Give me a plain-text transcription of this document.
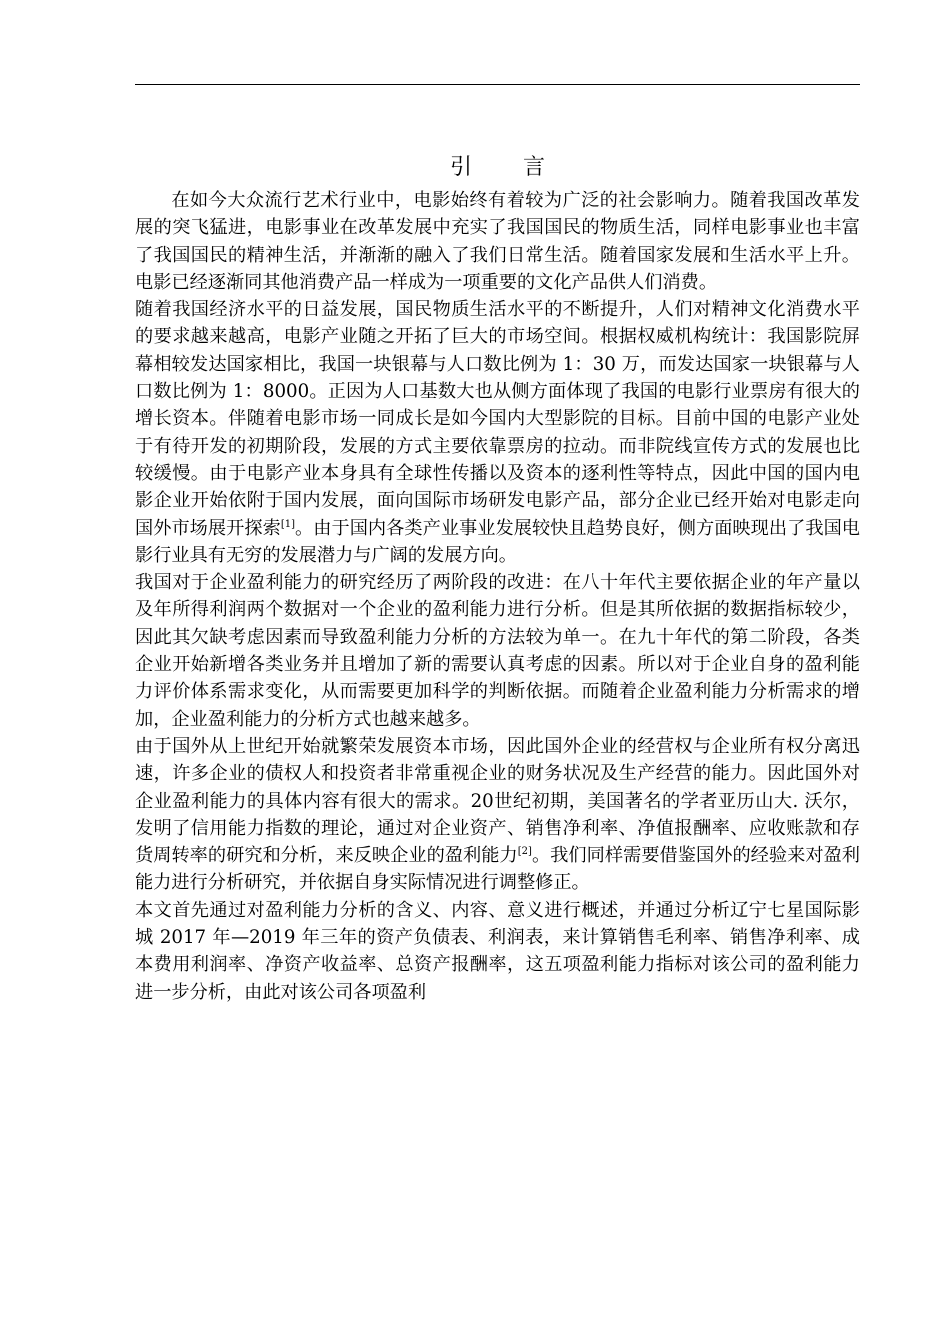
引 言

在如今大众流行艺术行业中，电影始终有着较为广泛的社会影响力。随着我国改革发展的突飞猛进，电影事业在改革发展中充实了我国国民的物质生活，同样电影事业也丰富了我国国民的精神生活，并渐渐的融入了我们日常生活。随着国家发展和生活水平上升。电影已经逐渐同其他消费产品一样成为一项重要的文化产品供人们消费。

随着我国经济水平的日益发展，国民物质生活水平的不断提升，人们对精神文化消费水平的要求越来越高，电影产业随之开拓了巨大的市场空间。根据权威机构统计：我国影院屏幕相较发达国家相比，我国一块银幕与人口数比例为 1：30 万，而发达国家一块银幕与人口数比例为 1：8000。正因为人口基数大也从侧方面体现了我国的电影行业票房有很大的增长资本。伴随着电影市场一同成长是如今国内大型影院的目标。目前中国的电影产业处于有待开发的初期阶段，发展的方式主要依靠票房的拉动。而非院线宣传方式的发展也比较缓慢。由于电影产业本身具有全球性传播以及资本的逐利性等特点，因此中国的国内电影企业开始依附于国内发展，面向国际市场研发电影产品，部分企业已经开始对电影走向国外市场展开探索[1]。由于国内各类产业事业发展较快且趋势良好，侧方面映现出了我国电影行业具有无穷的发展潜力与广阔的发展方向。

我国对于企业盈利能力的研究经历了两阶段的改进：在八十年代主要依据企业的年产量以及年所得利润两个数据对一个企业的盈利能力进行分析。但是其所依据的数据指标较少，因此其欠缺考虑因素而导致盈利能力分析的方法较为单一。在九十年代的第二阶段，各类企业开始新增各类业务并且增加了新的需要认真考虑的因素。所以对于企业自身的盈利能力评价体系需求变化，从而需要更加科学的判断依据。而随着企业盈利能力分析需求的增加，企业盈利能力的分析方式也越来越多。

由于国外从上世纪开始就繁荣发展资本市场，因此国外企业的经营权与企业所有权分离迅速，许多企业的债权人和投资者非常重视企业的财务状况及生产经营的能力。因此国外对企业盈利能力的具体内容有很大的需求。20世纪初期，美国著名的学者亚历山大. 沃尔，发明了信用能力指数的理论，通过对企业资产、销售净利率、净值报酬率、应收账款和存货周转率的研究和分析，来反映企业的盈利能力[2]。我们同样需要借鉴国外的经验来对盈利能力进行分析研究，并依据自身实际情况进行调整修正。

本文首先通过对盈利能力分析的含义、内容、意义进行概述，并通过分析辽宁七星国际影城 2017 年—2019 年三年的资产负债表、利润表，来计算销售毛利率、销售净利率、成本费用利润率、净资产收益率、总资产报酬率，这五项盈利能力指标对该公司的盈利能力进一步分析，由此对该公司各项盈利
